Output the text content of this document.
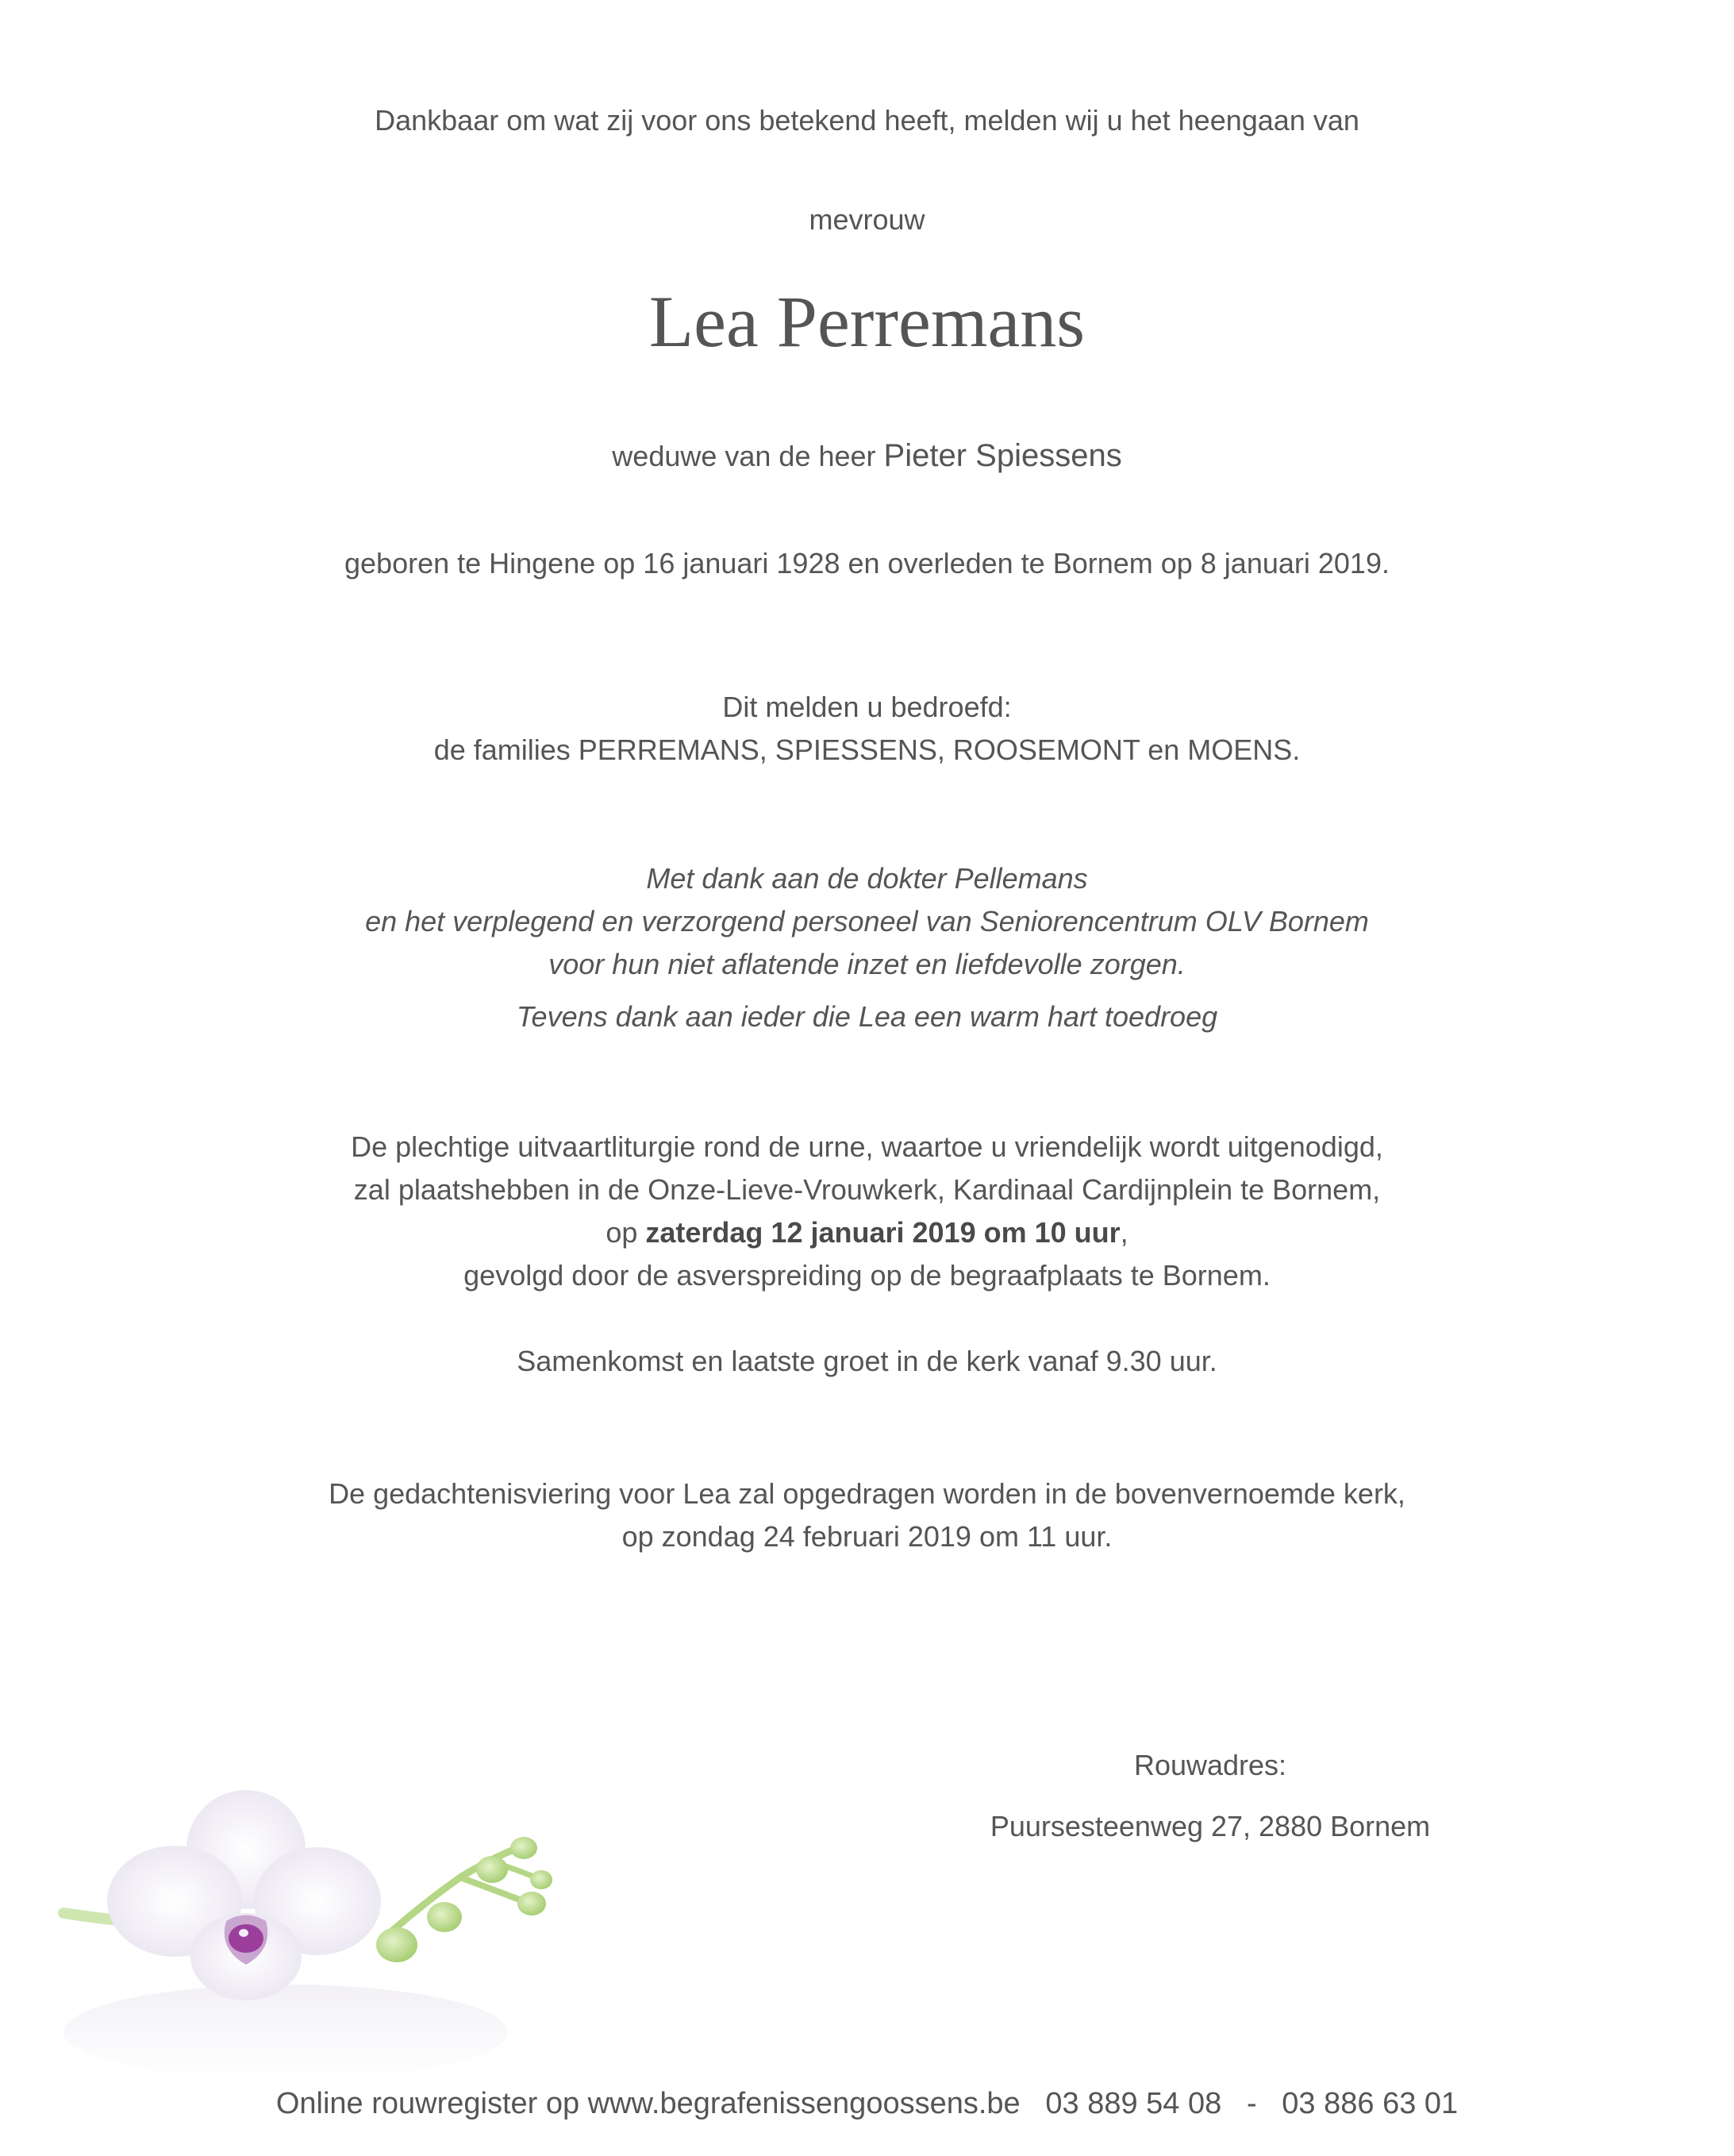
Dankbaar om wat zij voor ons betekend heeft, melden wij u het heengaan van
mevrouw
Lea Perremans
weduwe van de heer Pieter Spiessens
geboren te Hingene op 16 januari 1928 en overleden te Bornem op 8 januari 2019.
Dit melden u bedroefd:
de families PERREMANS, SPIESSENS, ROOSEMONT en MOENS.
Met dank aan de dokter Pellemans
en het verplegend en verzorgend personeel van Seniorencentrum OLV Bornem
voor hun niet aflatende inzet en liefdevolle zorgen.
Tevens dank aan ieder die Lea een warm hart toedroeg
De plechtige uitvaartliturgie rond de urne, waartoe u vriendelijk wordt uitgenodigd,
zal plaatshebben in de Onze-Lieve-Vrouwkerk, Kardinaal Cardijnplein te Bornem,
op zaterdag 12 januari 2019 om 10 uur,
gevolgd door de asverspreiding op de begraafplaats te Bornem.
Samenkomst en laatste groet in de kerk vanaf 9.30 uur.
De gedachtenisviering voor Lea zal opgedragen worden in de bovenvernoemde kerk,
op zondag 24 februari 2019 om 11 uur.
Rouwadres:
Puursesteenweg 27, 2880 Bornem
Online rouwregister op www.begrafenissengoossens.be 03 889 54 08 - 03 886 63 01
